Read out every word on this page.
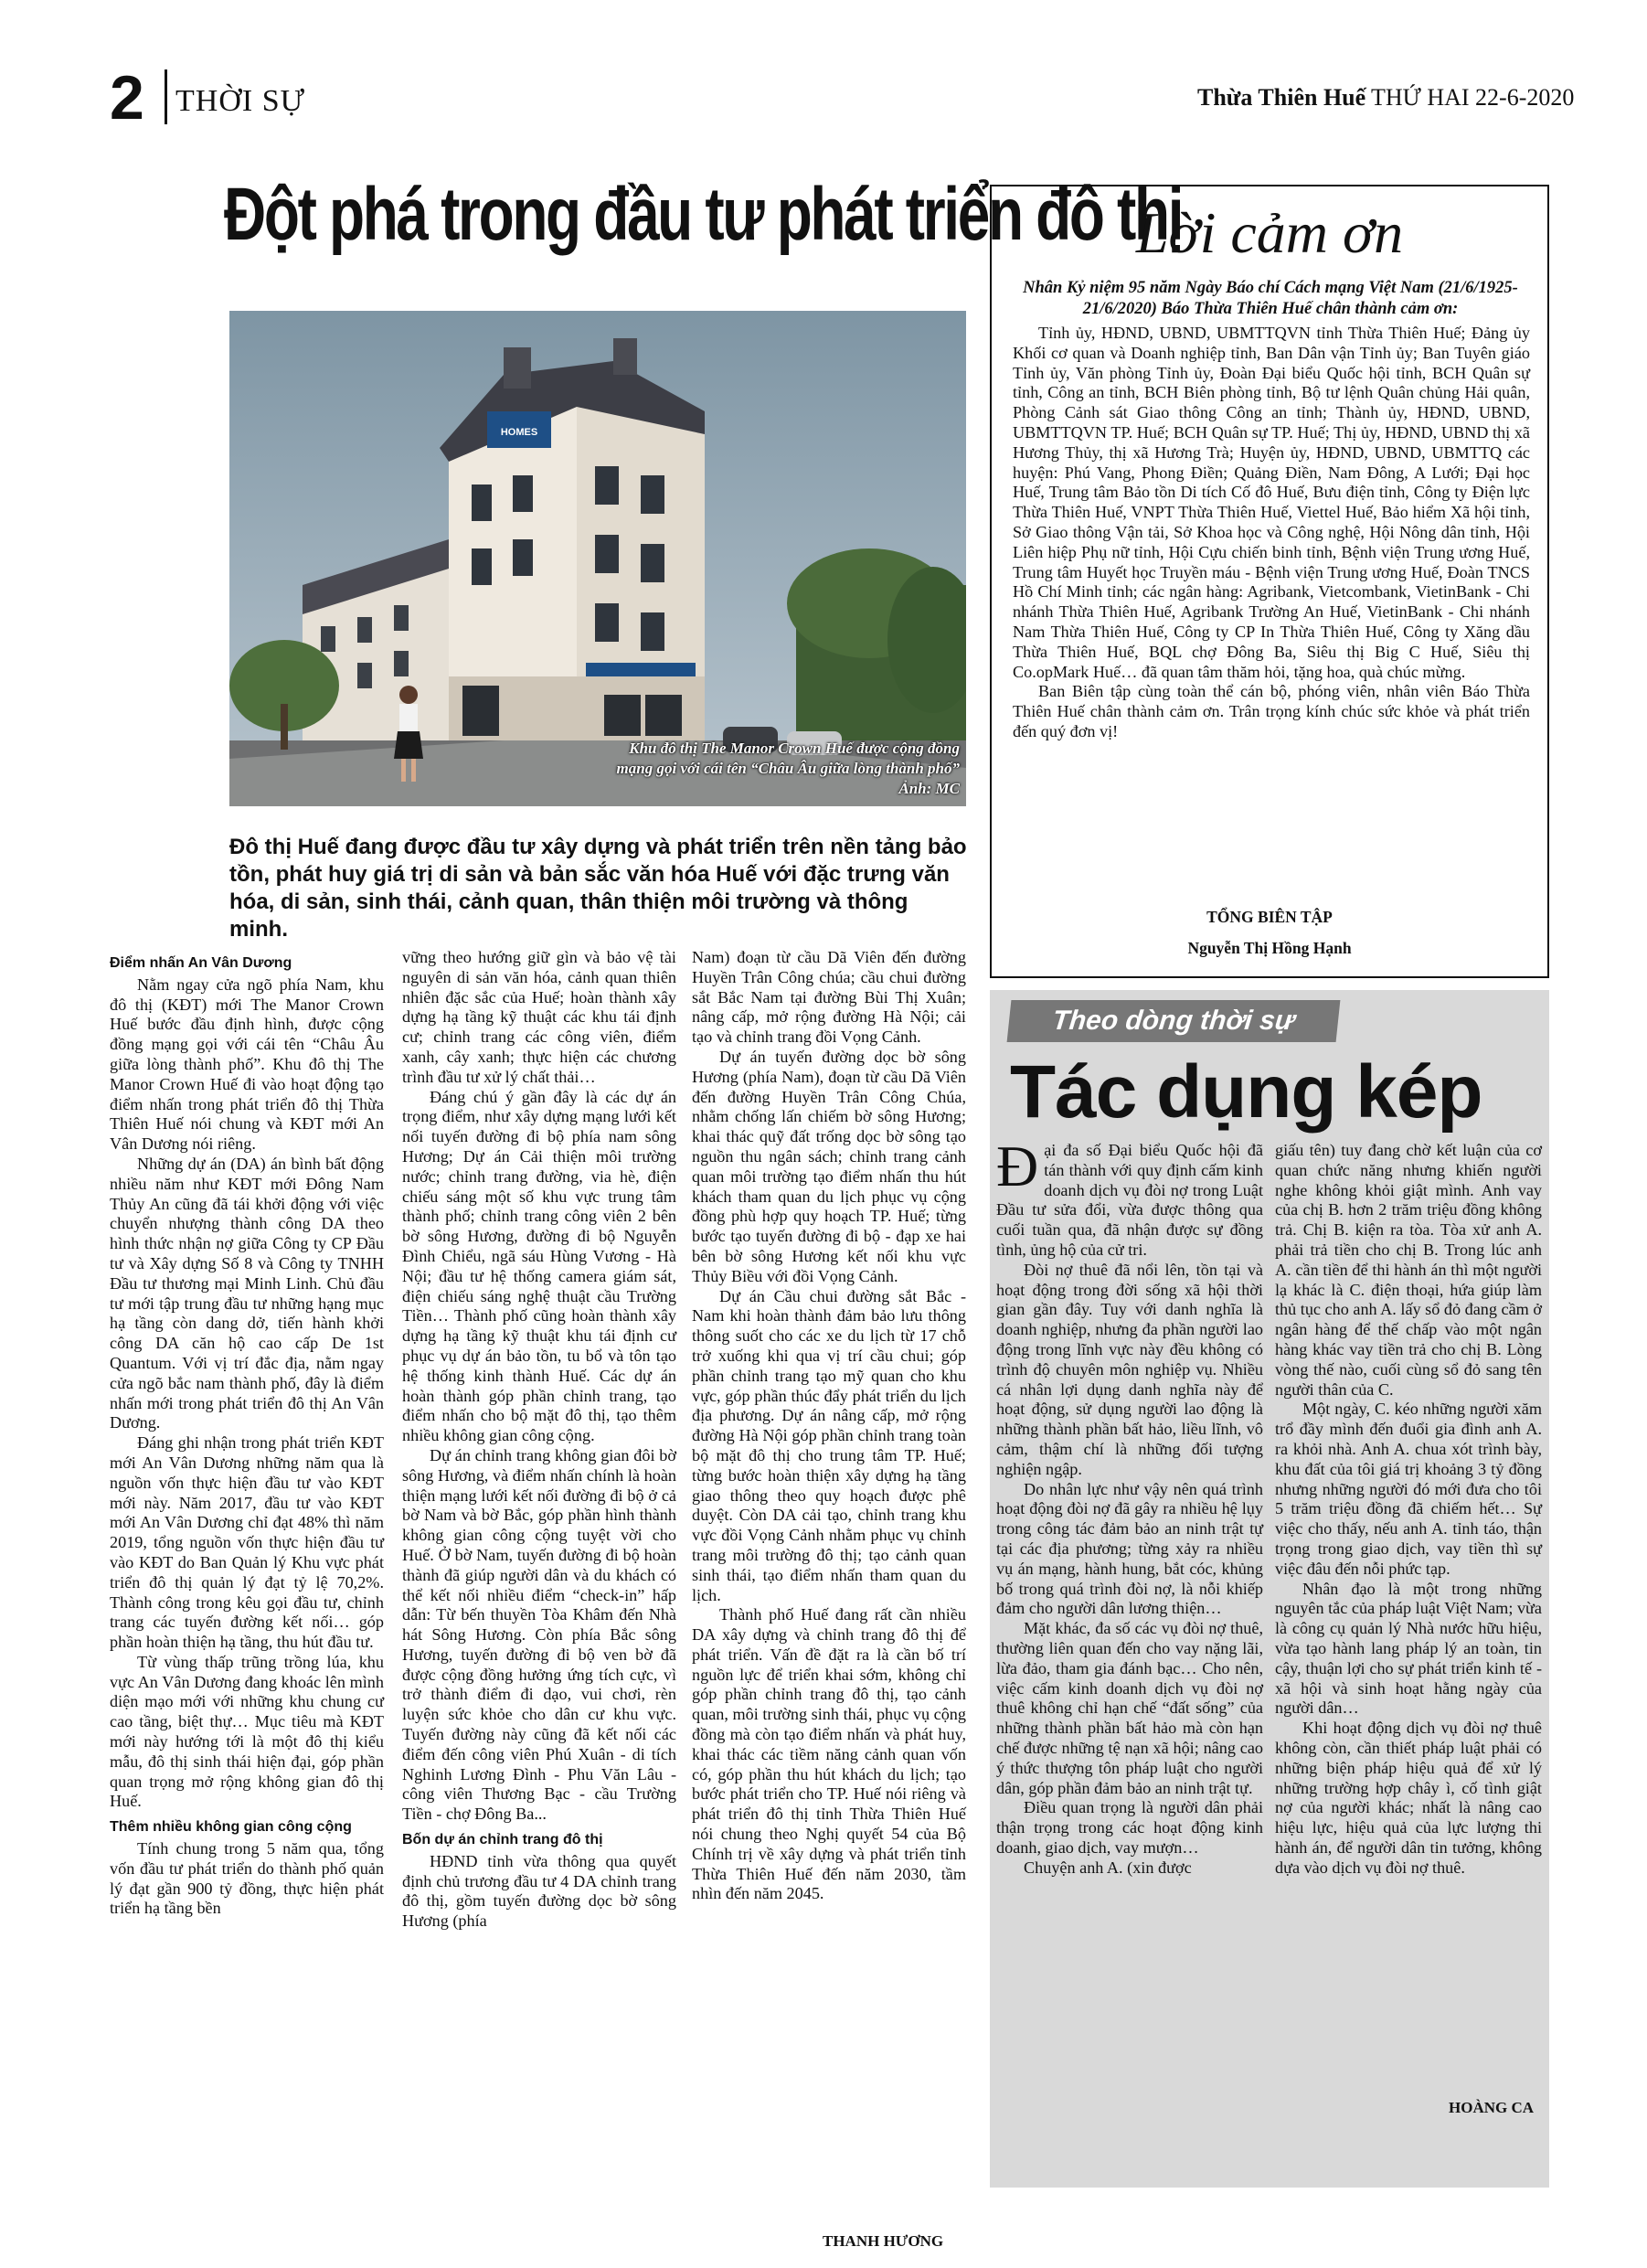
2 THỜI SỰ	Thừa Thiên Huế THỨ HAI 22-6-2020
Đột phá trong đầu tư phát triển đô thị
HOMES
Khu đô thị The Manor Crown Huế được cộng đồng
mạng gọi với cái tên “Châu Âu giữa lòng thành phố”
Ảnh: MC
Đô thị Huế đang được đầu tư xây dựng và phát triển trên nền tảng bảo tồn, phát huy giá trị di sản và bản sắc văn hóa Huế với đặc trưng văn hóa, di sản, sinh thái, cảnh quan, thân thiện môi trường và thông minh.

Điểm nhấn An Vân Dương

Nằm ngay cửa ngõ phía Nam, khu đô thị (KĐT) mới The Manor Crown Huế bước đầu định hình, được cộng đồng mạng gọi với cái tên “Châu Âu giữa lòng thành phố”. Khu đô thị The Manor Crown Huế đi vào hoạt động tạo điểm nhấn trong phát triển đô thị Thừa Thiên Huế nói chung và KĐT mới An Vân Dương nói riêng.

Những dự án (DA) án bình bất động nhiều năm như KĐT mới Đông Nam Thủy An cũng đã tái khởi động với việc chuyển nhượng thành công DA theo hình thức nhận nợ giữa Công ty CP Đầu tư và Xây dựng Số 8 và Công ty TNHH Đầu tư thương mại Minh Linh. Chủ đầu tư mới tập trung đầu tư những hạng mục hạ tầng còn dang dở, tiến hành khởi công DA căn hộ cao cấp De 1st Quantum. Với vị trí đắc địa, nằm ngay cửa ngõ bắc nam thành phố, đây là điểm nhấn mới trong phát triển đô thị An Vân Dương.

Đáng ghi nhận trong phát triển KĐT mới An Vân Dương những năm qua là nguồn vốn thực hiện đầu tư vào KĐT mới này. Năm 2017, đầu tư vào KĐT mới An Vân Dương chỉ đạt 48% thì năm 2019, tổng nguồn vốn thực hiện đầu tư vào KĐT do Ban Quản lý Khu vực phát triển đô thị quản lý đạt tỷ lệ 70,2%. Thành công trong kêu gọi đầu tư, chỉnh trang các tuyến đường kết nối… góp phần hoàn thiện hạ tầng, thu hút đầu tư.

Từ vùng thấp trũng trồng lúa, khu vực An Vân Dương đang khoác lên mình diện mạo mới với những khu chung cư cao tầng, biệt thự… Mục tiêu mà KĐT mới này hướng tới là một đô thị kiểu mẫu, đô thị sinh thái hiện đại, góp phần quan trọng mở rộng không gian đô thị Huế.

Thêm nhiều không gian công cộng

Tính chung trong 5 năm qua, tổng vốn đầu tư phát triển do thành phố quản lý đạt gần 900 tỷ đồng, thực hiện phát triển hạ tầng bền

vững theo hướng giữ gìn và bảo vệ tài nguyên di sản văn hóa, cảnh quan thiên nhiên đặc sắc của Huế; hoàn thành xây dựng hạ tầng kỹ thuật các khu tái định cư; chỉnh trang các công viên, điểm xanh, cây xanh; thực hiện các chương trình đầu tư xử lý chất thải…

Đáng chú ý gần đây là các dự án trọng điểm, như xây dựng mạng lưới kết nối tuyến đường đi bộ phía nam sông Hương; Dự án Cải thiện môi trường nước; chỉnh trang đường, via hè, điện chiếu sáng một số khu vực trung tâm thành phố; chỉnh trang công viên 2 bên bờ sông Hương, đường đi bộ Nguyễn Đình Chiểu, ngã sáu Hùng Vương - Hà Nội; đầu tư hệ thống camera giám sát, điện chiếu sáng nghệ thuật cầu Trường Tiền… Thành phố cũng hoàn thành xây dựng hạ tầng kỹ thuật khu tái định cư phục vụ dự án bảo tồn, tu bổ và tôn tạo hệ thống kinh thành Huế. Các dự án hoàn thành góp phần chỉnh trang, tạo điểm nhấn cho bộ mặt đô thị, tạo thêm nhiều không gian công cộng.

Dự án chỉnh trang không gian đôi bờ sông Hương, và điểm nhấn chính là hoàn thiện mạng lưới kết nối đường đi bộ ở cả bờ Nam và bờ Bắc, góp phần hình thành không gian công cộng tuyệt vời cho Huế. Ở bờ Nam, tuyến đường đi bộ hoàn thành đã giúp người dân và du khách có thể kết nối nhiều điểm “check-in” hấp dẫn: Từ bến thuyền Tòa Khâm đến Nhà hát Sông Hương. Còn phía Bắc sông Hương, tuyến đường đi bộ ven bờ đã được cộng đồng hưởng ứng tích cực, vì trở thành điểm đi dạo, vui chơi, rèn luyện sức khỏe cho dân cư khu vực. Tuyến đường này cũng đã kết nối các điểm đến công viên Phú Xuân - di tích Nghinh Lương Đình - Phu Văn Lâu - công viên Thương Bạc - cầu Trường Tiền - chợ Đông Ba...

Bốn dự án chỉnh trang đô thị

HĐND tỉnh vừa thông qua quyết định chủ trương đầu tư 4 DA chỉnh trang đô thị, gồm tuyến đường dọc bờ sông Hương (phía

Nam) đoạn từ cầu Dã Viên đến đường Huyền Trân Công chúa; cầu chui đường sắt Bắc Nam tại đường Bùi Thị Xuân; nâng cấp, mở rộng đường Hà Nội; cải tạo và chỉnh trang đồi Vọng Cảnh.

Dự án tuyến đường dọc bờ sông Hương (phía Nam), đoạn từ cầu Dã Viên đến đường Huyền Trân Công Chúa, nhằm chống lấn chiếm bờ sông Hương; khai thác quỹ đất trống dọc bờ sông tạo nguồn thu ngân sách; chỉnh trang cảnh quan môi trường tạo điểm nhấn thu hút khách tham quan du lịch phục vụ cộng đồng phù hợp quy hoạch TP. Huế; từng bước tạo tuyến đường đi bộ - đạp xe hai bên bờ sông Hương kết nối khu vực Thủy Biều với đồi Vọng Cảnh.

Dự án Cầu chui đường sắt Bắc - Nam khi hoàn thành đảm bảo lưu thông thông suốt cho các xe du lịch từ 17 chỗ trở xuống khi qua vị trí cầu chui; góp phần chỉnh trang tạo mỹ quan cho khu vực, góp phần thúc đẩy phát triển du lịch địa phương. Dự án nâng cấp, mở rộng đường Hà Nội góp phần chỉnh trang toàn bộ mặt đô thị cho trung tâm TP. Huế; từng bước hoàn thiện xây dựng hạ tầng giao thông theo quy hoạch được phê duyệt. Còn DA cải tạo, chỉnh trang khu vực đồi Vọng Cảnh nhằm phục vụ chỉnh trang môi trường đô thị; tạo cảnh quan sinh thái, tạo điểm nhấn tham quan du lịch.

Thành phố Huế đang rất cần nhiều DA xây dựng và chỉnh trang đô thị để phát triển. Vấn đề đặt ra là cần bố trí nguồn lực để triển khai sớm, không chỉ góp phần chỉnh trang đô thị, tạo cảnh quan, môi trường sinh thái, phục vụ cộng đồng mà còn tạo điểm nhấn và phát huy, khai thác các tiềm năng cảnh quan vốn có, góp phần thu hút khách du lịch; tạo bước phát triển cho TP. Huế nói riêng và phát triển đô thị tỉnh Thừa Thiên Huế nói chung theo Nghị quyết 54 của Bộ Chính trị về xây dựng và phát triển tỉnh Thừa Thiên Huế đến năm 2030, tầm nhìn đến năm 2045.

THANH HƯƠNG
Lời cảm ơn
Nhân Kỷ niệm 95 năm Ngày Báo chí Cách mạng Việt Nam (21/6/1925-21/6/2020) Báo Thừa Thiên Huế chân thành cảm ơn:

Tỉnh ủy, HĐND, UBND, UBMTTQVN tỉnh Thừa Thiên Huế; Đảng ủy Khối cơ quan và Doanh nghiệp tỉnh, Ban Dân vận Tỉnh ủy; Ban Tuyên giáo Tỉnh ủy, Văn phòng Tỉnh ủy, Đoàn Đại biểu Quốc hội tỉnh, BCH Quân sự tỉnh, Công an tỉnh, BCH Biên phòng tỉnh, Bộ tư lệnh Quân chủng Hải quân, Phòng Cảnh sát Giao thông Công an tỉnh; Thành ủy, HĐND, UBND, UBMTTQVN TP. Huế; BCH Quân sự TP. Huế; Thị ủy, HĐND, UBND thị xã Hương Thủy, thị xã Hương Trà; Huyện ủy, HĐND, UBND, UBMTTQ các huyện: Phú Vang, Phong Điền; Quảng Điền, Nam Đông, A Lưới; Đại học Huế, Trung tâm Bảo tồn Di tích Cố đô Huế, Bưu điện tỉnh, Công ty Điện lực Thừa Thiên Huế, VNPT Thừa Thiên Huế, Viettel Huế, Bảo hiểm Xã hội tỉnh, Sở Giao thông Vận tải, Sở Khoa học và Công nghệ, Hội Nông dân tỉnh, Hội Liên hiệp Phụ nữ tỉnh, Hội Cựu chiến binh tỉnh, Bệnh viện Trung ương Huế, Trung tâm Huyết học Truyền máu - Bệnh viện Trung ương Huế, Đoàn TNCS Hồ Chí Minh tỉnh; các ngân hàng: Agribank, Vietcombank, VietinBank - Chi nhánh Thừa Thiên Huế, Agribank Trường An Huế, VietinBank - Chi nhánh Nam Thừa Thiên Huế, Công ty CP In Thừa Thiên Huế, Công ty Xăng dầu Thừa Thiên Huế, BQL chợ Đông Ba, Siêu thị Big C Huế, Siêu thị Co.opMark Huế… đã quan tâm thăm hỏi, tặng hoa, quà chúc mừng.

Ban Biên tập cùng toàn thể cán bộ, phóng viên, nhân viên Báo Thừa Thiên Huế chân thành cảm ơn. Trân trọng kính chúc sức khỏe và phát triển đến quý đơn vị!

TỔNG BIÊN TẬP
Nguyễn Thị Hồng Hạnh
Theo dòng thời sự
Tác dụng kép

Đại đa số Đại biểu Quốc hội đã tán thành với quy định cấm kinh doanh dịch vụ đòi nợ trong Luật Đầu tư sửa đổi, vừa được thông qua cuối tuần qua, đã nhận được sự đồng tình, ủng hộ của cử tri.

Đòi nợ thuê đã nổi lên, tồn tại và hoạt động trong đời sống xã hội thời gian gần đây. Tuy với danh nghĩa là doanh nghiệp, nhưng đa phần người lao động trong lĩnh vực này đều không có trình độ chuyên môn nghiệp vụ. Nhiều cá nhân lợi dụng danh nghĩa này để hoạt động, sử dụng người lao động là những thành phần bất hảo, liều lĩnh, vô cảm, thậm chí là những đối tượng nghiện ngập.

Do nhân lực như vậy nên quá trình hoạt động đòi nợ đã gây ra nhiều hệ lụy trong công tác đảm bảo an ninh trật tự tại các địa phương; từng xảy ra nhiều vụ án mạng, hành hung, bắt cóc, khủng bố trong quá trình đòi nợ, là nỗi khiếp đảm cho người dân lương thiện…

Mặt khác, đa số các vụ đòi nợ thuê, thường liên quan đến cho vay nặng lãi, lừa đảo, tham gia đánh bạc… Cho nên, việc cấm kinh doanh dịch vụ đòi nợ thuê không chỉ hạn chế “đất sống” của những thành phần bất hảo mà còn hạn chế được những tệ nạn xã hội; nâng cao ý thức thượng tôn pháp luật cho người dân, góp phần đảm bảo an ninh trật tự.

Điều quan trọng là người dân phải thận trọng trong các hoạt động kinh doanh, giao dịch, vay mượn…

Chuyện anh A. (xin được

giấu tên) tuy đang chờ kết luận của cơ quan chức năng nhưng khiến người nghe không khỏi giật mình. Anh vay của chị B. hơn 2 trăm triệu đồng không trả. Chị B. kiện ra tòa. Tòa xử anh A. phải trả tiền cho chị B. Trong lúc anh A. cần tiền để thi hành án thì một người lạ khác là C. điện thoại, hứa giúp làm thủ tục cho anh A. lấy sổ đỏ đang cầm ở ngân hàng để thế chấp vào một ngân hàng khác vay tiền trả cho chị B. Lòng vòng thế nào, cuối cùng sổ đỏ sang tên người thân của C.

Một ngày, C. kéo những người xăm trổ đầy mình đến đuổi gia đình anh A. ra khỏi nhà. Anh A. chua xót trình bày, khu đất của tôi giá trị khoảng 3 tỷ đồng nhưng những người đó mới đưa cho tôi 5 trăm triệu đồng đã chiếm hết… Sự việc cho thấy, nếu anh A. tỉnh táo, thận trọng trong giao dịch, vay tiền thì sự việc đâu đến nỗi phức tạp.

Nhân đạo là một trong những nguyên tắc của pháp luật Việt Nam; vừa là công cụ quản lý Nhà nước hữu hiệu, vừa tạo hành lang pháp lý an toàn, tin cậy, thuận lợi cho sự phát triển kinh tế - xã hội và sinh hoạt hằng ngày của người dân…

Khi hoạt động dịch vụ đòi nợ thuê không còn, cần thiết pháp luật phải có những biện pháp hiệu quả để xử lý những trường hợp chây ì, cố tình giật nợ của người khác; nhất là nâng cao hiệu lực, hiệu quả của lực lượng thi hành án, để người dân tin tưởng, không dựa vào dịch vụ đòi nợ thuê.

HOÀNG CA
